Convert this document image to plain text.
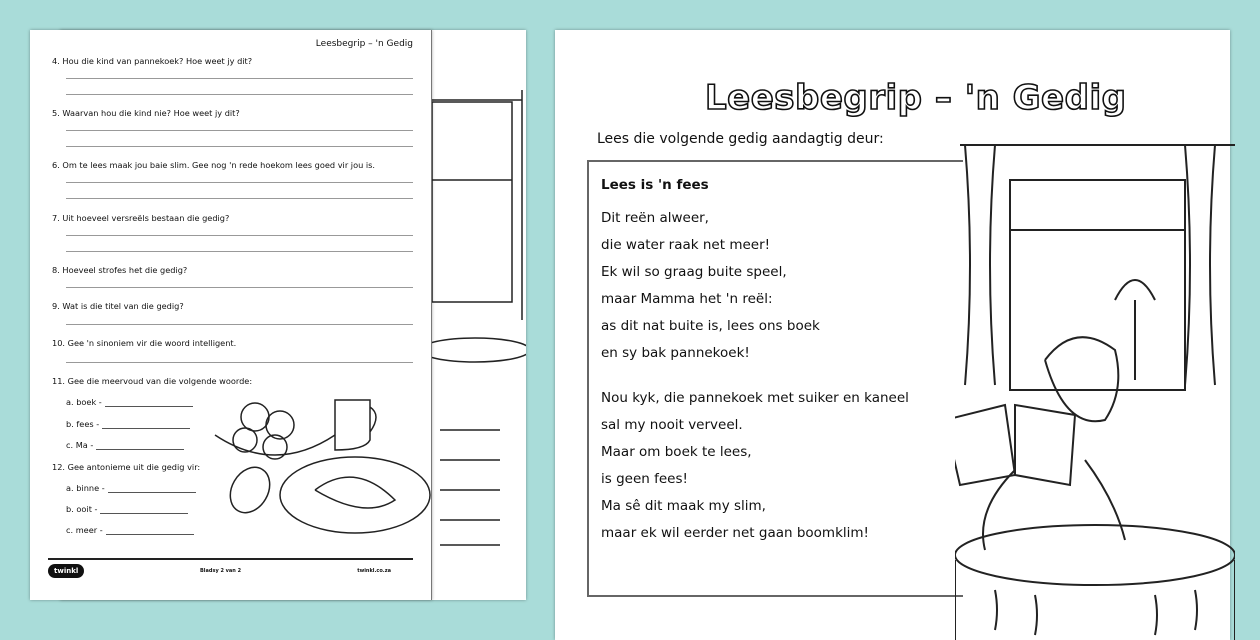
Leesbegrip – 'n Gedig
4. Hou die kind van pannekoek? Hoe weet jy dit?
5. Waarvan hou die kind nie? Hoe weet jy dit?
6. Om te lees maak jou baie slim. Gee nog 'n rede hoekom lees goed vir jou is.
7. Uit hoeveel versreëls bestaan die gedig?
8. Hoeveel strofes het die gedig?
9. Wat is die titel van die gedig?
10. Gee 'n sinoniem vir die woord intelligent.
11. Gee die meervoud van die volgende woorde:
a. boek -
b. fees -
c. Ma -
12. Gee antonieme uit die gedig vir:
a. binne -
b. ooit -
c. meer -
twinkl	Bladsy 2 van 2	twinkl.co.za
Leesbegrip – 'n Gedig
Lees die volgende gedig aandagtig deur:
Lees is 'n fees
Dit reën alweer,
die water raak net meer!
Ek wil so graag buite speel,
maar Mamma het 'n reël:
as dit nat buite is, lees ons boek
en sy bak pannekoek!
Nou kyk, die pannekoek met suiker en kaneel
sal my nooit verveel.
Maar om boek te lees,
is geen fees!
Ma sê dit maak my slim,
maar ek wil eerder net gaan boomklim!
